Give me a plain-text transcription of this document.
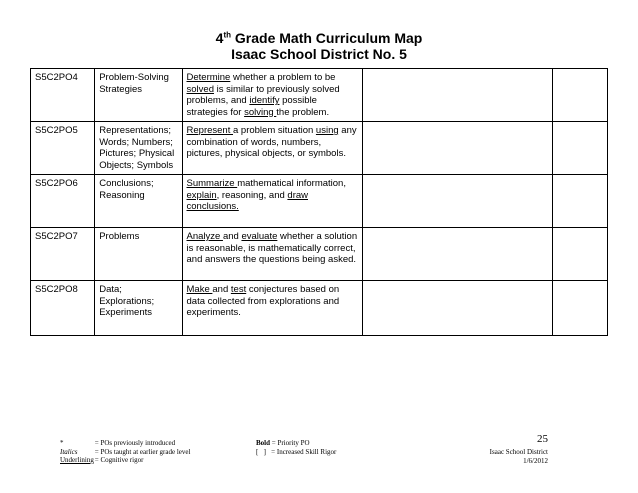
4th Grade Math Curriculum Map
Isaac School District No. 5
S5C2PO4	Problem-Solving Strategies	Determine whether a problem to be solved is similar to previously solved problems, and identify possible strategies for solving the problem.		
S5C2PO5	Representations; Words; Numbers; Pictures; Physical Objects; Symbols	Represent a problem situation using any combination of words, numbers, pictures, physical objects, or symbols.		
S5C2PO6	Conclusions; Reasoning	Summarize mathematical information, explain, reasoning, and draw conclusions.		
S5C2PO7	Problems	Analyze and evaluate whether a solution is reasonable, is mathematically correct, and answers the questions being asked.		
S5C2PO8	Data; Explorations; Experiments	Make and test conjectures based on data collected from explorations and experiments.		
25
*	= POs previously introduced
Italics = POs taught at earlier grade level
Underlining = Cognitive rigor
Bold = Priority PO
[   ] = Increased Skill Rigor	Isaac School District
1/6/2012
